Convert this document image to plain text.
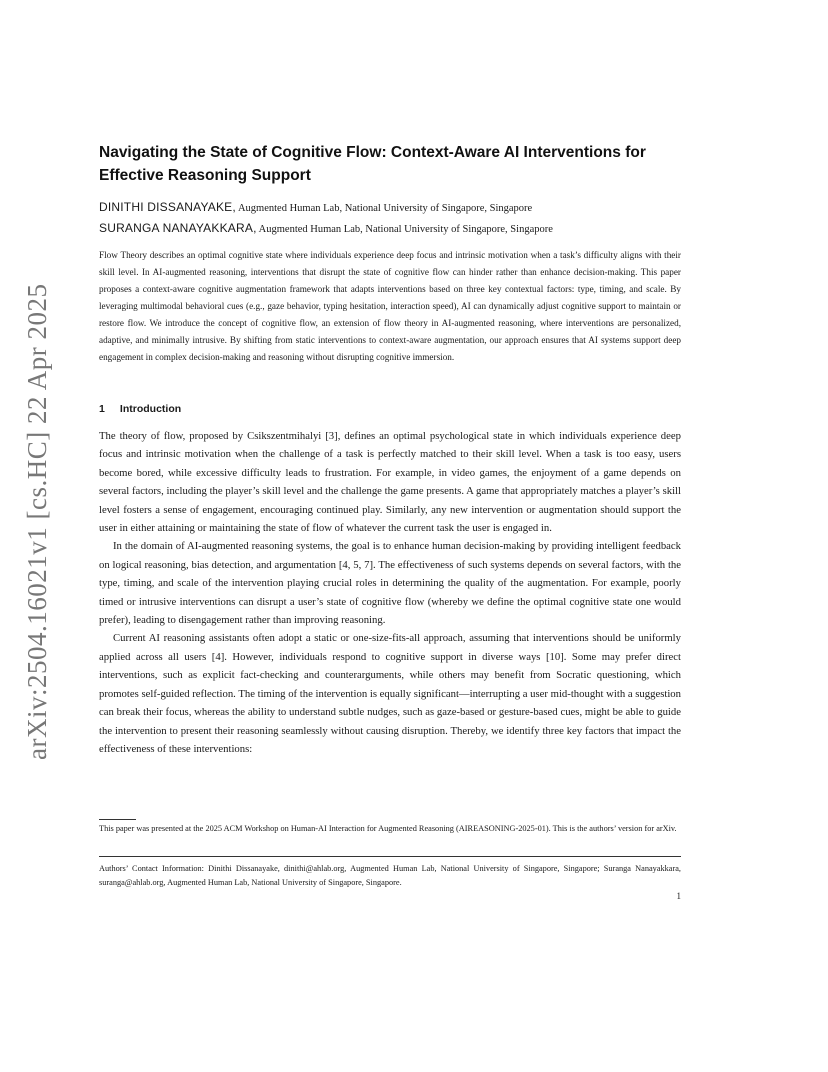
arXiv:2504.16021v1 [cs.HC] 22 Apr 2025
Navigating the State of Cognitive Flow: Context-Aware AI Interventions for Effective Reasoning Support
DINITHI DISSANAYAKE, Augmented Human Lab, National University of Singapore, Singapore
SURANGA NANAYAKKARA, Augmented Human Lab, National University of Singapore, Singapore

Flow Theory describes an optimal cognitive state where individuals experience deep focus and intrinsic motivation when a task’s difficulty aligns with their skill level. In AI-augmented reasoning, interventions that disrupt the state of cognitive flow can hinder rather than enhance decision-making. This paper proposes a context-aware cognitive augmentation framework that adapts interventions based on three key contextual factors: type, timing, and scale. By leveraging multimodal behavioral cues (e.g., gaze behavior, typing hesitation, interaction speed), AI can dynamically adjust cognitive support to maintain or restore flow. We introduce the concept of cognitive flow, an extension of flow theory in AI-augmented reasoning, where interventions are personalized, adaptive, and minimally intrusive. By shifting from static interventions to context-aware augmentation, our approach ensures that AI systems support deep engagement in complex decision-making and reasoning without disrupting cognitive immersion.

1 Introduction

The theory of flow, proposed by Csikszentmihalyi [3], defines an optimal psychological state in which individuals experience deep focus and intrinsic motivation when the challenge of a task is perfectly matched to their skill level. When a task is too easy, users become bored, while excessive difficulty leads to frustration. For example, in video games, the enjoyment of a game depends on several factors, including the player’s skill level and the challenge the game presents. A game that appropriately matches a player’s skill level fosters a sense of engagement, encouraging continued play. Similarly, any new intervention or augmentation should support the user in either attaining or maintaining the state of flow of whatever the current task the user is engaged in.

In the domain of AI-augmented reasoning systems, the goal is to enhance human decision-making by providing intelligent feedback on logical reasoning, bias detection, and argumentation [4, 5, 7]. The effectiveness of such systems depends on several factors, with the type, timing, and scale of the intervention playing crucial roles in determining the quality of the augmentation. For example, poorly timed or intrusive interventions can disrupt a user’s state of cognitive flow (whereby we define the optimal cognitive state one would prefer), leading to disengagement rather than improving reasoning.

Current AI reasoning assistants often adopt a static or one-size-fits-all approach, assuming that interventions should be uniformly applied across all users [4]. However, individuals respond to cognitive support in diverse ways [10]. Some may prefer direct interventions, such as explicit fact-checking and counterarguments, while others may benefit from Socratic questioning, which promotes self-guided reflection. The timing of the intervention is equally significant—interrupting a user mid-thought with a suggestion can break their focus, whereas the ability to understand subtle nudges, such as gaze-based or gesture-based cues, might be able to guide the intervention to present their reasoning seamlessly without causing disruption. Thereby, we identify three key factors that impact the effectiveness of these interventions:

This paper was presented at the 2025 ACM Workshop on Human-AI Interaction for Augmented Reasoning (AIREASONING-2025-01). This is the authors’ version for arXiv.

Authors’ Contact Information: Dinithi Dissanayake, dinithi@ahlab.org, Augmented Human Lab, National University of Singapore, Singapore; Suranga Nanayakkara, suranga@ahlab.org, Augmented Human Lab, National University of Singapore, Singapore.

1
